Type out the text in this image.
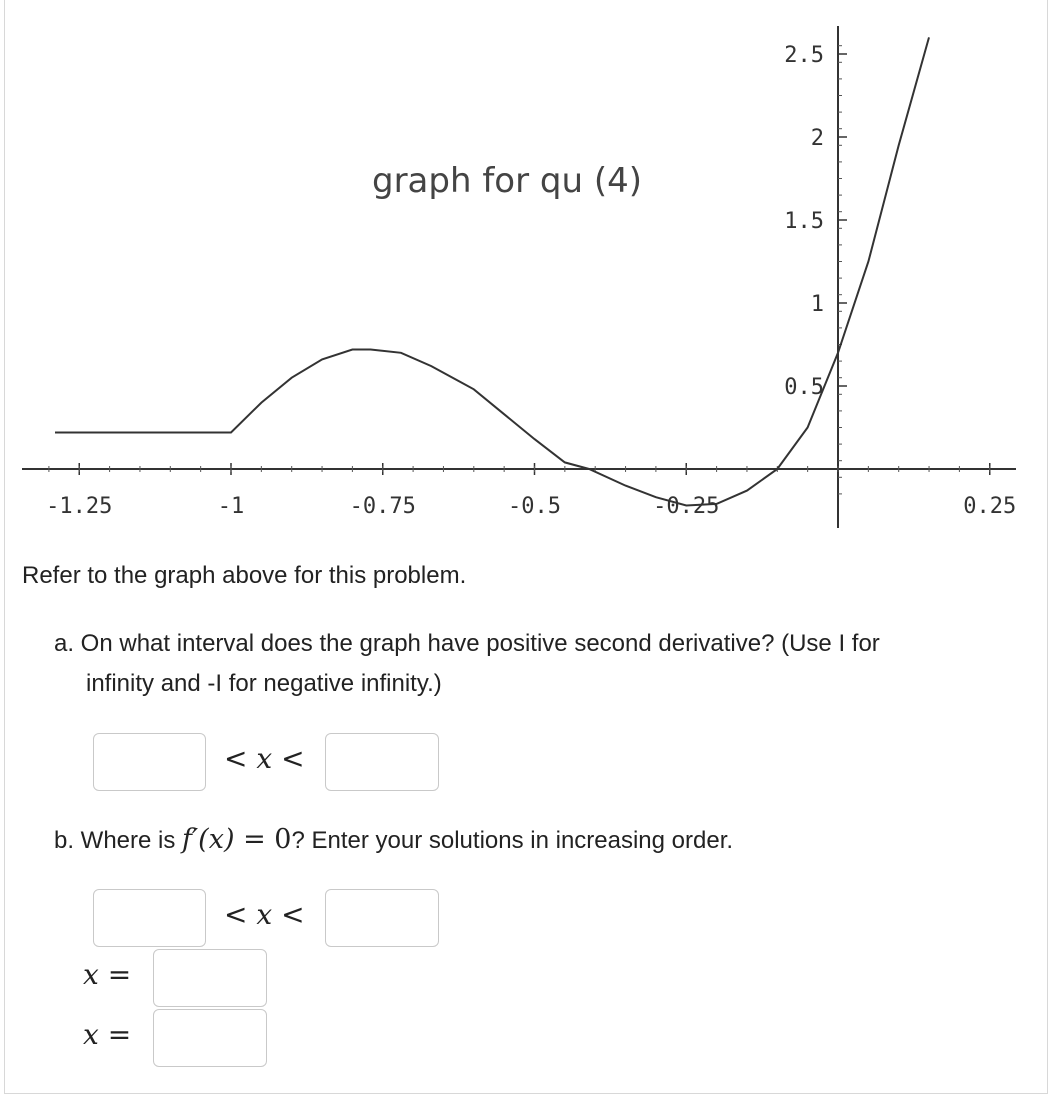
-1.25	-1	-0.75	-0.5	-0.25	0.25
0.5
1
1.5
2
2.5
graph for qu (4)
Refer to the graph above for this problem.
a. On what interval does the graph have positive second derivative? (Use I for
infinity and -I for negative infinity.)
< x <
b. Where is f′(x) = 0? Enter your solutions in increasing order.
< x <
x =
x =
